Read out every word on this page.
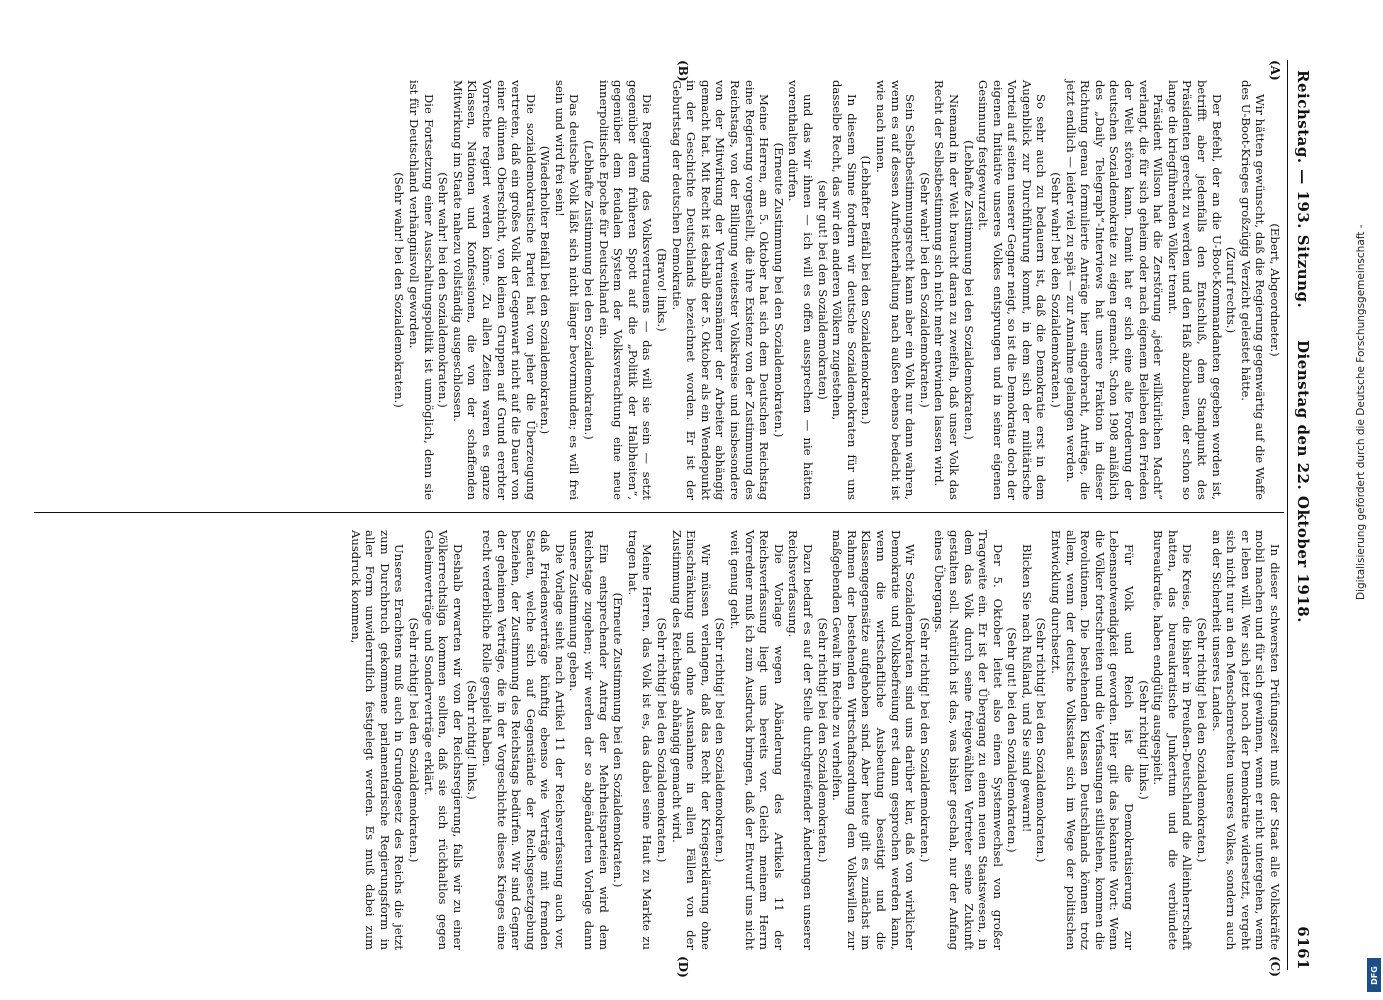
Reichstag. — 193. Sitzung.
Dienstag den 22. Oktober 1918.
6161
(A)
(B)
(C)
(D)

(Ebert, Abgeordneter.)

Wir hätten gewünscht, daß die Regierung gegenwärtig auf die Waffe des U-Boot-Krieges großzügig Verzicht geleistet hätte.

(Zuruf rechts.)

Der Befehl, der an die U-Boot-Kommandanten gegeben worden ist, betrifft aber jedenfalls den Entschluß, dem Standpunkt des Präsidenten gerecht zu werden und den Haß abzubauen, der schon so lange die kriegführenden Völker trennt.

Präsident Wilson hat die Zerstörung „jeder willkürlichen Macht“ verlangt, die für sich geheim oder nach eigenem Belieben den Frieden der Welt stören kann. Damit hat er sich eine alte Forderung der deutschen Sozialdemokratie zu eigen gemacht. Schon 1908 anläßlich des „Daily Telegraph“-Interviews hat unsere Fraktion in dieser Richtung genau formulierte Anträge hier eingebracht, Anträge, die jetzt endlich — leider viel zu spät — zur Annahme gelangen werden.

(Sehr wahr! bei den Sozialdemokraten.)

So sehr auch zu bedauern ist, daß die Demokratie erst in dem Augenblick zur Durchführung kommt, in dem sich der militärische Vorteil auf seiten unserer Gegner neigt, so ist die Demokratie doch der eigenen Initiative unseres Volkes entsprungen und in seiner eigenen Gesinnung festgewurzelt.

(Lebhafte Zustimmung bei den Sozialdemokraten.)

Niemand in der Welt braucht daran zu zweifeln, daß unser Volk das Recht der Selbstbestimmung sich nicht mehr entwinden lassen wird.

(Sehr wahr! bei den Sozialdemokraten.)

Sein Selbstbestimmungsrecht kann aber ein Volk nur dann wahren, wenn es auf dessen Aufrechterhaltung nach außen ebenso bedacht ist wie nach innen.

(Lebhafter Beifall bei den Sozialdemokraten.)

In diesem Sinne fordern wir deutsche Sozialdemokraten für uns dasselbe Recht, das wir den anderen Völkern zugestehen,

(sehr gut! bei den Sozialdemokraten)

und das wir ihnen — ich will es offen aussprechen — nie hätten vorenthalten dürfen.

(Erneute Zustimmung bei den Sozialdemokraten.)

Meine Herren, am 5. Oktober hat sich dem Deutschen Reichstag eine Regierung vorgestellt, die ihre Existenz von der Zustimmung des Reichstags, von der Billigung weitester Volkskreise und insbesondere von der Mitwirkung der Vertrauensmänner der Arbeiter abhängig gemacht hat. Mit Recht ist deshalb der 5. Oktober als ein Wendepunkt in der Geschichte Deutschlands bezeichnet worden. Er ist der Geburtstag der deutschen Demokratie.

(Bravo! links.)

Die Regierung des Volksvertrauens — das will sie sein — setzt gegenüber dem früheren Spott auf die „Politik der Halbheiten“, gegenüber dem feudalen System der Volksverachtung eine neue innerpolitische Epoche für Deutschland ein.

(Lebhafte Zustimmung bei den Sozialdemokraten.)

Das deutsche Volk läßt sich nicht länger bevormunden; es will frei sein und wird frei sein!

(Wiederholter Beifall bei den Sozialdemokraten.)

Die sozialdemokratische Partei hat von jeher die Überzeugung vertreten, daß ein großes Volk der Gegenwart nicht auf die Dauer von einer dünnen Oberschicht, von kleinen Gruppen auf Grund ererbter Vorrechte regiert werden könne. Zu allen Zeiten waren es ganze Klassen, Nationen und Konfessionen, die von der schaffenden Mitwirkung im Staate nahezu vollständig ausgeschlossen.

(Sehr wahr! bei den Sozialdemokraten.)

Die Fortsetzung einer Ausschaltungspolitik ist unmöglich, denn sie ist für Deutschland verhängnisvoll geworden.

(Sehr wahr! bei den Sozialdemokraten.)

In dieser schwersten Prüfungszeit muß der Staat alle Volkskräfte mobil machen und für sich gewinnen, wenn er nicht untergehen, wenn er leben will. Wer sich jetzt noch der Demokratie widersetzt, vergeht sich nicht nur an den Menschenrechten unseres Volkes, sondern auch an der Sicherheit unseres Landes.

(Sehr richtig! bei den Sozialdemokraten.)

Die Kreise, die bisher in Preußen-Deutschland die Alleinherrschaft hatten, das bureaukratische Junkertum und die verbündete Bureaukratie, haben endgültig ausgespielt.

(Sehr richtig! links.)

Für Volk und Reich ist die Demokratisierung zur Lebensnotwendigkeit geworden. Hier gilt das bekannte Wort: Wenn die Völker fortschreiten und die Verfassungen stillstehen, kommen die Revolutionen. Die bestehenden Klassen Deutschlands können trotz allem, wenn der deutsche Volksstaat sich im Wege der politischen Entwicklung durchsetzt.

(Sehr richtig! bei den Sozialdemokraten.)

Blicken Sie nach Rußland, und Sie sind gewarnt!

(Sehr gut! bei den Sozialdemokraten.)

Der 5. Oktober leitet also einen Systemwechsel von großer Tragweite ein. Er ist der Übergang zu einem neuen Staatswesen, in dem das Volk durch seine freigewählten Vertreter seine Zukunft gestalten soll. Natürlich ist das, was bisher geschah, nur der Anfang eines Übergangs.

(Sehr richtig! bei den Sozialdemokraten.)

Wir Sozialdemokraten sind uns darüber klar, daß von wirklicher Demokratie und Volksbefreiung erst dann gesprochen werden kann, wenn die wirtschaftliche Ausbeutung beseitigt und die Klassengegensätze aufgehoben sind. Aber heute gilt es zunächst im Rahmen der bestehenden Wirtschaftsordnung dem Volkswillen zur maßgebenden Gewalt im Reiche zu verhelfen.

(Sehr richtig! bei den Sozialdemokraten.)

Dazu bedarf es auf der Stelle durchgreifender Änderungen unserer Reichsverfassung.

Die Vorlage wegen Abänderung des Artikels 11 der Reichsverfassung liegt uns bereits vor. Gleich meinem Herrn Vorredner muß ich zum Ausdruck bringen, daß der Entwurf uns nicht weit genug geht.

(Sehr richtig! bei den Sozialdemokraten.)

Wir müssen verlangen, daß das Recht der Kriegserklärung ohne Einschränkung und ohne Ausnahme in allen Fällen von der Zustimmung des Reichstags abhängig gemacht wird.

(Sehr richtig! bei den Sozialdemokraten.)

Meine Herren, das Volk ist es, das dabei seine Haut zu Markte zu tragen hat.

(Erneute Zustimmung bei den Sozialdemokraten.)

Ein entsprechender Antrag der Mehrheitsparteien wird dem Reichstage zugehen; wir werden der so abgeänderten Vorlage dann unsere Zustimmung geben.

Die Vorlage sieht nach Artikel 11 der Reichsverfassung auch vor, daß Friedensverträge künftig ebenso wie Verträge mit fremden Staaten, welche sich auf Gegenstände der Reichsgesetzgebung beziehen, der Zustimmung des Reichstags bedürfen. Wir sind Gegner der geheimen Verträge, die in der Vorgeschichte dieses Krieges eine recht verderbliche Rolle gespielt haben.

(Sehr richtig! links.)

Deshalb erwarten wir von der Reichsregierung, falls wir zu einer Völkerrechtsliga kommen sollten, daß sie sich rückhaltlos gegen Geheimverträge und Sonderverträge erklärt.

(Sehr richtig! bei den Sozialdemokraten.)

Unseres Erachtens muß auch in Grundgesetz des Reichs die jetzt zum Durchbruch gekommene parlamentarische Regierungsform in aller Form unwiderruflich festgelegt werden. Es muß dabei zum Ausdruck kommen,	Digitalisierung gefördert durch die Deutsche Forschungsgemeinschaft -
DFG
